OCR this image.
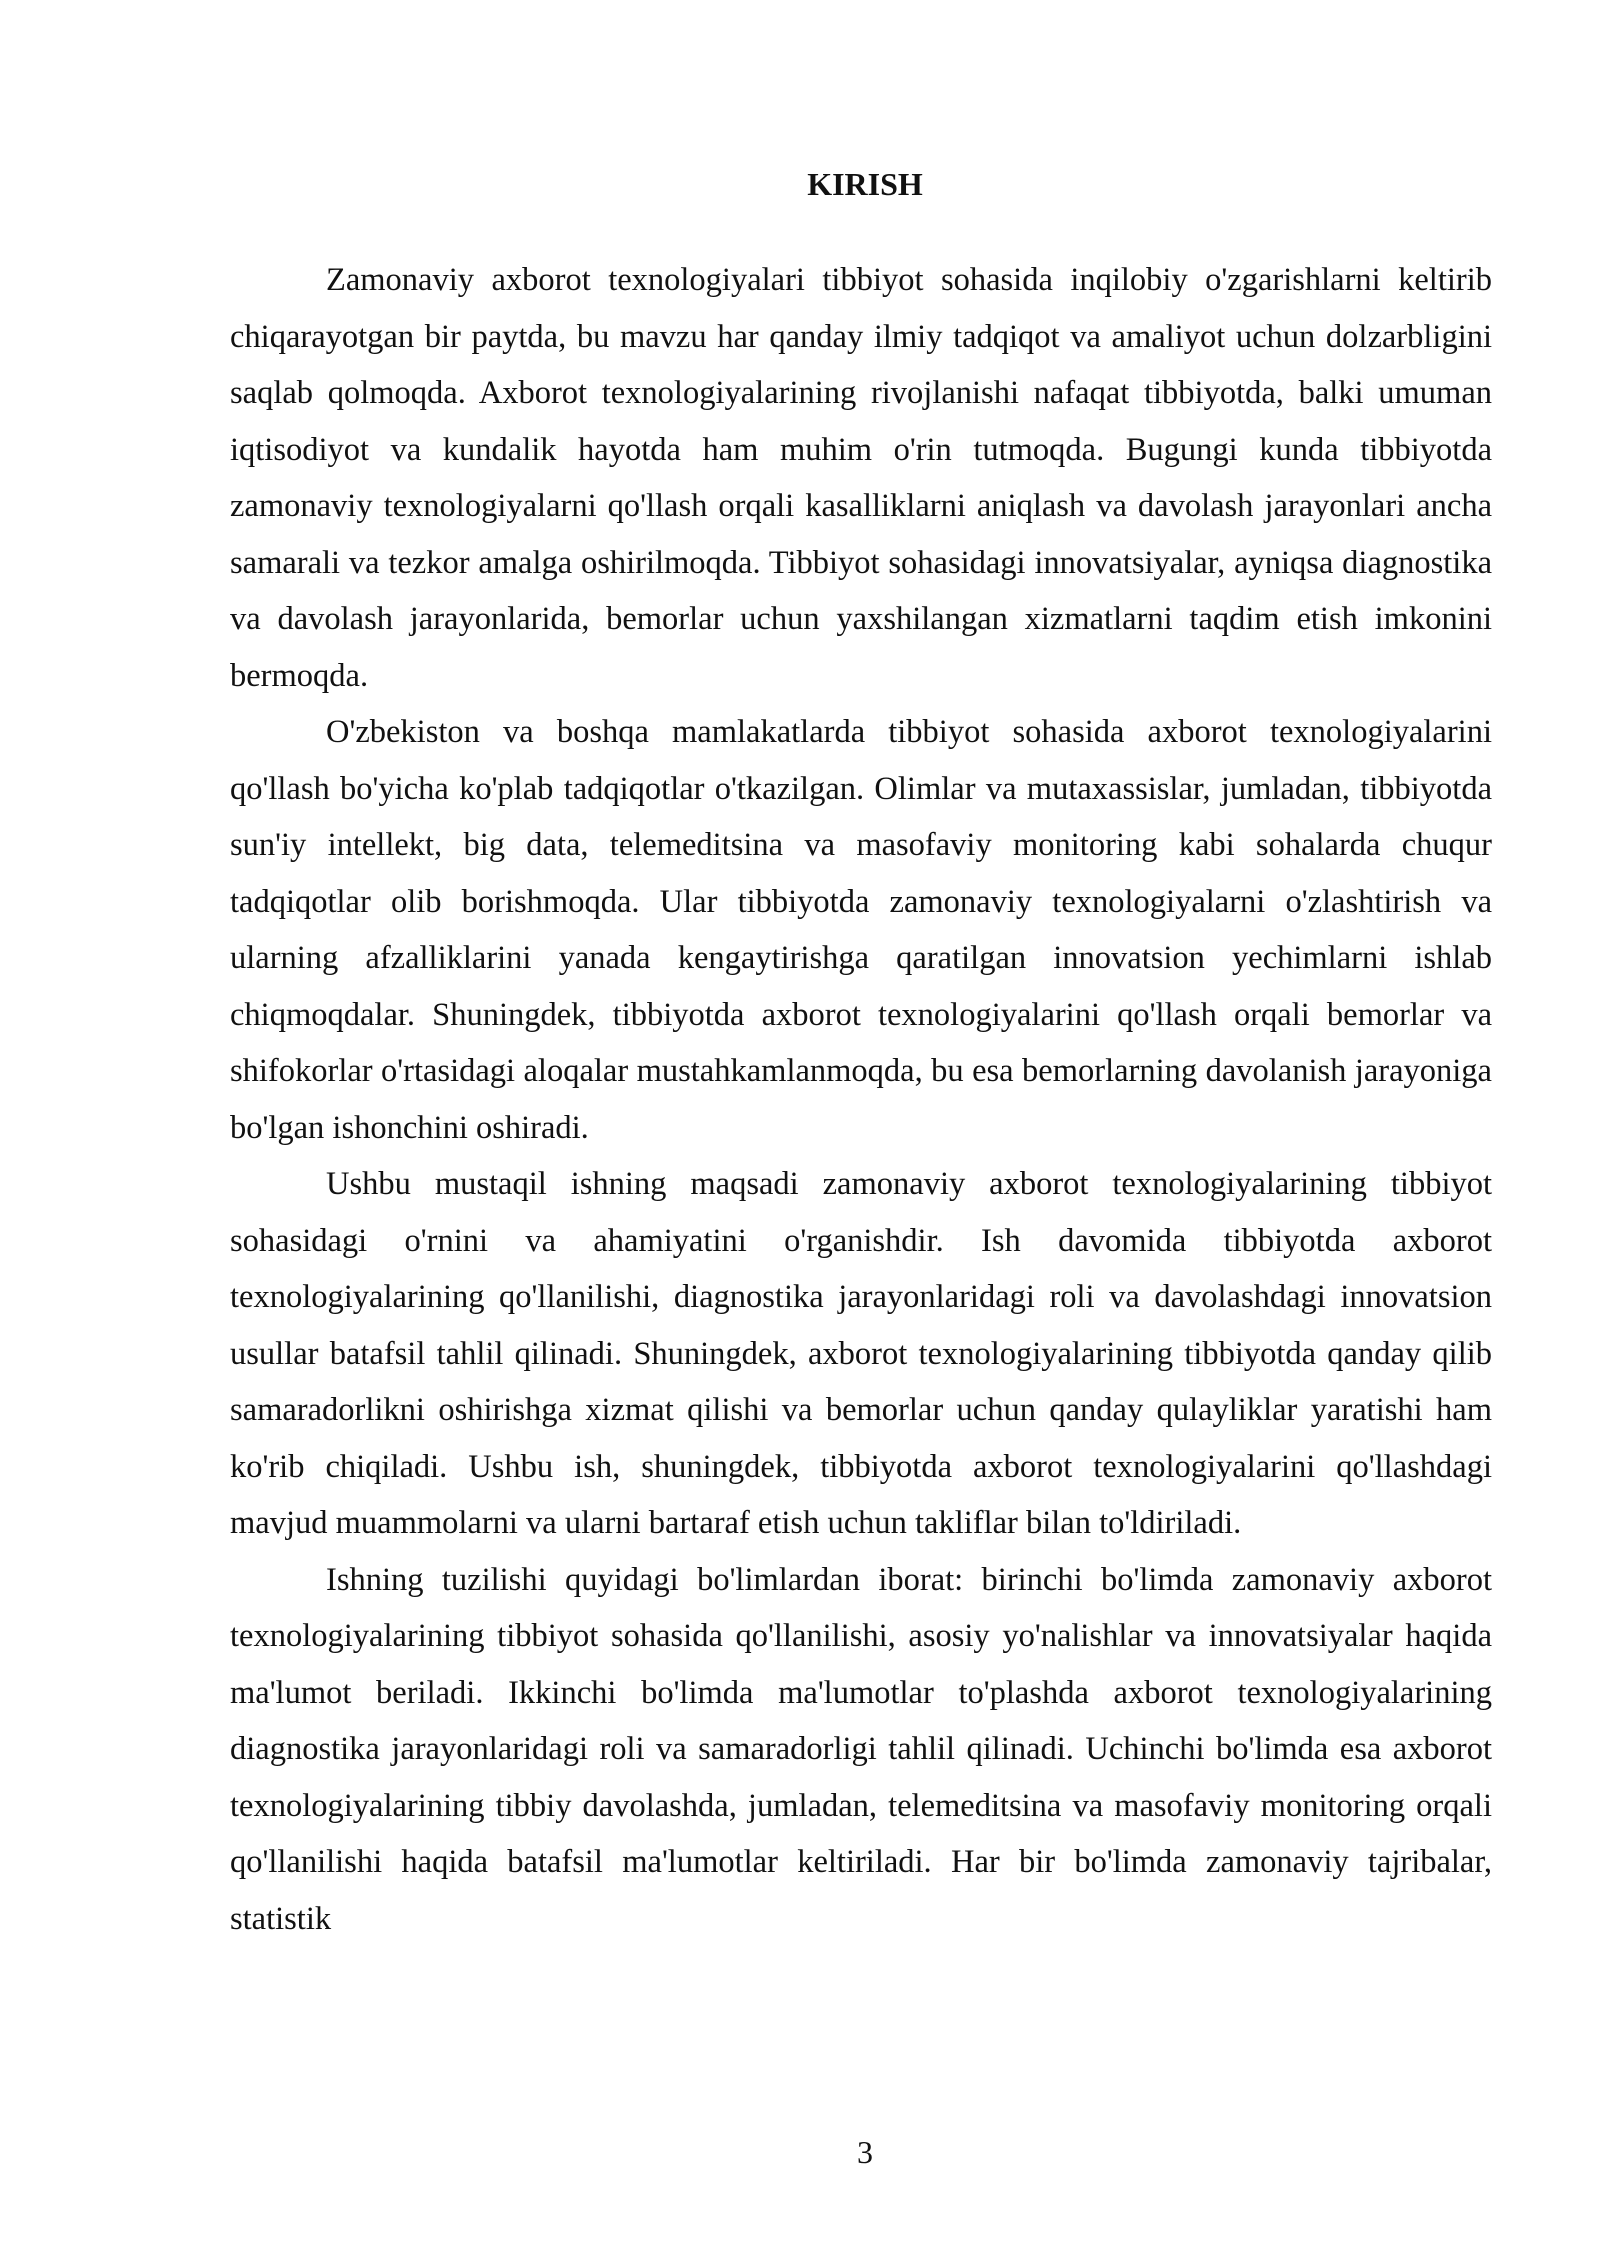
KIRISH

Zamonaviy axborot texnologiyalari tibbiyot sohasida inqilobiy o'zgarishlarni keltirib chiqarayotgan bir paytda, bu mavzu har qanday ilmiy tadqiqot va amaliyot uchun dolzarbligini saqlab qolmoqda. Axborot texnologiyalarining rivojlanishi nafaqat tibbiyotda, balki umuman iqtisodiyot va kundalik hayotda ham muhim o'rin tutmoqda. Bugungi kunda tibbiyotda zamonaviy texnologiyalarni qo'llash orqali kasalliklarni aniqlash va davolash jarayonlari ancha samarali va tezkor amalga oshirilmoqda. Tibbiyot sohasidagi innovatsiyalar, ayniqsa diagnostika va davolash jarayonlarida, bemorlar uchun yaxshilangan xizmatlarni taqdim etish imkonini bermoqda.

O'zbekiston va boshqa mamlakatlarda tibbiyot sohasida axborot texnologiyalarini qo'llash bo'yicha ko'plab tadqiqotlar o'tkazilgan. Olimlar va mutaxassislar, jumladan, tibbiyotda sun'iy intellekt, big data, telemeditsina va masofaviy monitoring kabi sohalarda chuqur tadqiqotlar olib borishmoqda. Ular tibbiyotda zamonaviy texnologiyalarni o'zlashtirish va ularning afzalliklarini yanada kengaytirishga qaratilgan innovatsion yechimlarni ishlab chiqmoqdalar. Shuningdek, tibbiyotda axborot texnologiyalarini qo'llash orqali bemorlar va shifokorlar o'rtasidagi aloqalar mustahkamlanmoqda, bu esa bemorlarning davolanish jarayoniga bo'lgan ishonchini oshiradi.

Ushbu mustaqil ishning maqsadi zamonaviy axborot texnologiyalarining tibbiyot sohasidagi o'rnini va ahamiyatini o'rganishdir. Ish davomida tibbiyotda axborot texnologiyalarining qo'llanilishi, diagnostika jarayonlaridagi roli va davolashdagi innovatsion usullar batafsil tahlil qilinadi. Shuningdek, axborot texnologiyalarining tibbiyotda qanday qilib samaradorlikni oshirishga xizmat qilishi va bemorlar uchun qanday qulayliklar yaratishi ham ko'rib chiqiladi. Ushbu ish, shuningdek, tibbiyotda axborot texnologiyalarini qo'llashdagi mavjud muammolarni va ularni bartaraf etish uchun takliflar bilan to'ldiriladi.

Ishning tuzilishi quyidagi bo'limlardan iborat: birinchi bo'limda zamonaviy axborot texnologiyalarining tibbiyot sohasida qo'llanilishi, asosiy yo'nalishlar va innovatsiyalar haqida ma'lumot beriladi. Ikkinchi bo'limda ma'lumotlar to'plashda axborot texnologiyalarining diagnostika jarayonlaridagi roli va samaradorligi tahlil qilinadi. Uchinchi bo'limda esa axborot texnologiyalarining tibbiy davolashda, jumladan, telemeditsina va masofaviy monitoring orqali qo'llanilishi haqida batafsil ma'lumotlar keltiriladi. Har bir bo'limda zamonaviy tajribalar, statistik

3
